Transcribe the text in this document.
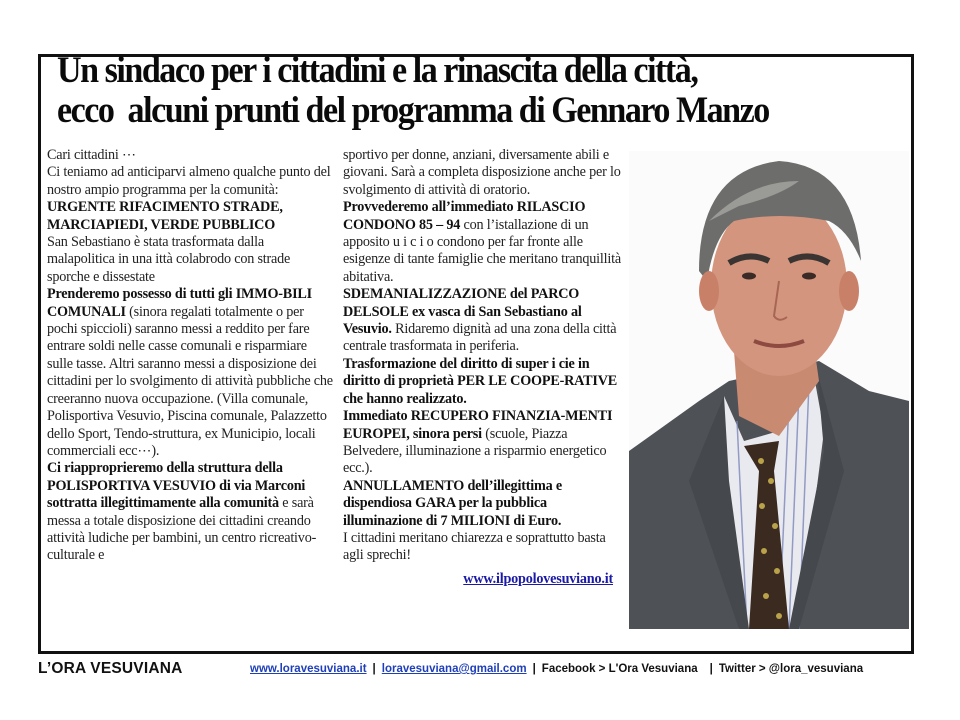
Un sindaco per i cittadini e la rinascita della città,
ecco  alcuni prunti del programma di Gennaro Manzo

Cari cittadini ⋯

Ci teniamo ad anticiparvi almeno qualche punto del nostro ampio programma per la comunità:

URGENTE RIFACIMENTO STRADE, MARCIAPIEDI, VERDE PUBBLICO

San Sebastiano è stata trasformata dalla malapolitica in una ittà colabrodo con strade sporche e dissestate

Prenderemo possesso di tutti gli IMMO-BILI COMUNALI (sinora regalati totalmente o per pochi spiccioli) saranno messi a reddito per fare entrare soldi nelle casse comunali e risparmiare sulle tasse. Altri saranno messi a disposizione dei cittadini per lo svolgimento di attività pubbliche che creeranno nuova occupazione. (Villa comunale, Polisportiva Vesuvio, Piscina comunale, Palazzetto dello Sport, Tendo-struttura, ex Municipio, locali commerciali ecc⋯).

Ci riapproprieremo della struttura della POLISPORTIVA VESUVIO di via Marconi sottratta illegittimamente alla comunità e sarà messa a totale disposizione dei cittadini creando attività ludiche per bambini, un centro ricreativo-culturale e

sportivo per donne, anziani, diversamente abili e giovani. Sarà a completa disposizione anche per lo svolgimento di attività di oratorio.

Provvederemo all’immediato RILASCIO CONDONO 85 – 94 con l’istallazione di un apposito u i c i o condono per far fronte alle esigenze di tante famiglie che meritano tranquillità abitativa.

SDEMANIALIZZAZIONE del PARCO DELSOLE ex vasca di San Sebastiano al Vesuvio. Ridaremo dignità ad una zona della città centrale trasformata in periferia.

Trasformazione del diritto di super i cie in diritto di proprietà PER LE COOPE-RATIVE che hanno realizzato.

Immediato RECUPERO FINANZIA-MENTI EUROPEI, sinora persi (scuole, Piazza Belvedere, illuminazione a risparmio energetico ecc.).

ANNULLAMENTO dell’illegittima e dispendiosa GARA per la pubblica illuminazione di 7 MILIONI di Euro.

I cittadini meritano chiarezza e soprattutto basta agli sprechi!

www.ilpopolovesuviano.it
L’ORA VESUVIANA	www.loravesuviana.it | loravesuviana@gmail.com | Facebook > L'Ora Vesuviana | Twitter > @lora_vesuviana
